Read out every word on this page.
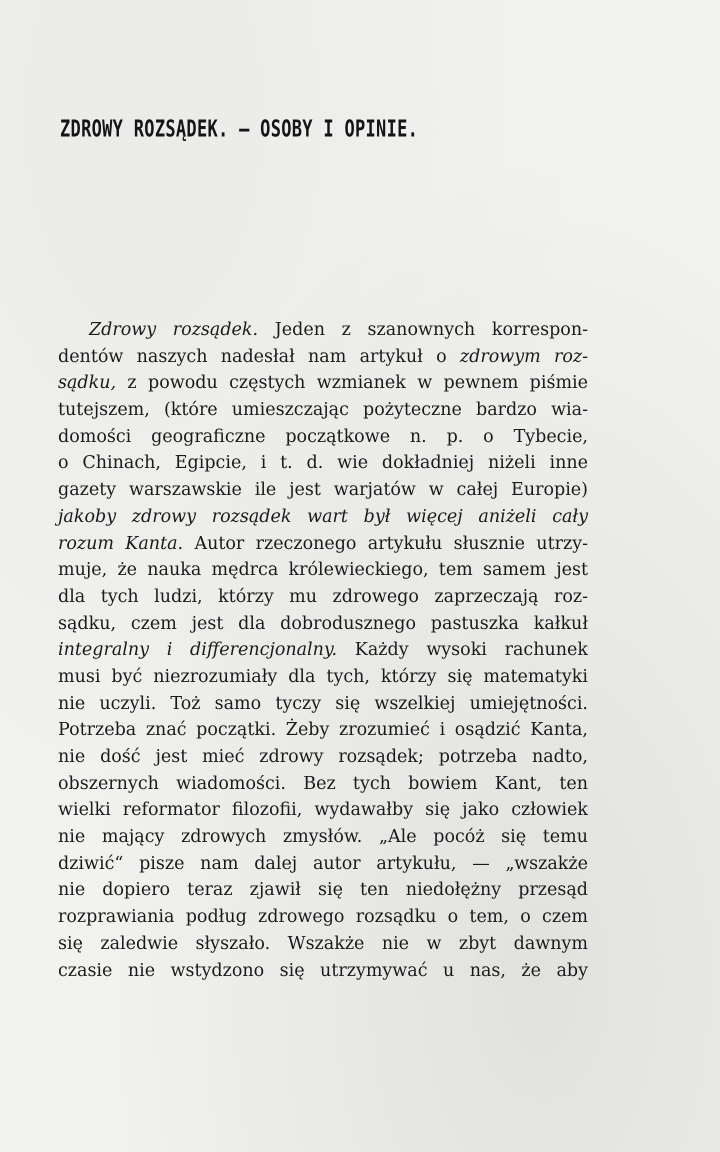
ZDROWY ROZSĄDEK. — OSOBY I OPINIE.
Zdrowy rozsądek. Jeden z szanownych korrespon-
dentów naszych nadesłał nam artykuł o zdrowym roz-
sądku, z powodu częstych wzmianek w pewnem piśmie
tutejszem, (które umieszczając pożyteczne bardzo wia-
domości geograficzne początkowe n. p. o Tybecie,
o Chinach, Egipcie, i t. d. wie dokładniej niżeli inne
gazety warszawskie ile jest warjatów w całej Europie)
jakoby zdrowy rozsądek wart był więcej aniżeli cały
rozum Kanta. Autor rzeczonego artykułu słusznie utrzy-
muje, że nauka mędrca królewieckiego, tem samem jest
dla tych ludzi, którzy mu zdrowego zaprzeczają roz-
sądku, czem jest dla dobrodusznego pastuszka kałkuł
integralny i differencjonalny. Każdy wysoki rachunek
musi być niezrozumiały dla tych, którzy się matematyki
nie uczyli. Toż samo tyczy się wszelkiej umiejętności.
Potrzeba znać początki. Żeby zrozumieć i osądzić Kanta,
nie dość jest mieć zdrowy rozsądek; potrzeba nadto,
obszernych wiadomości. Bez tych bowiem Kant, ten
wielki reformator filozofii, wydawałby się jako człowiek
nie mający zdrowych zmysłów. „Ale pocóż się temu
dziwić“ pisze nam dalej autor artykułu, — „wszakże
nie dopiero teraz zjawił się ten niedołężny przesąd
rozprawiania podług zdrowego rozsądku o tem, o czem
się zaledwie słyszało. Wszakże nie w zbyt dawnym
czasie nie wstydzono się utrzymywać u nas, że aby
